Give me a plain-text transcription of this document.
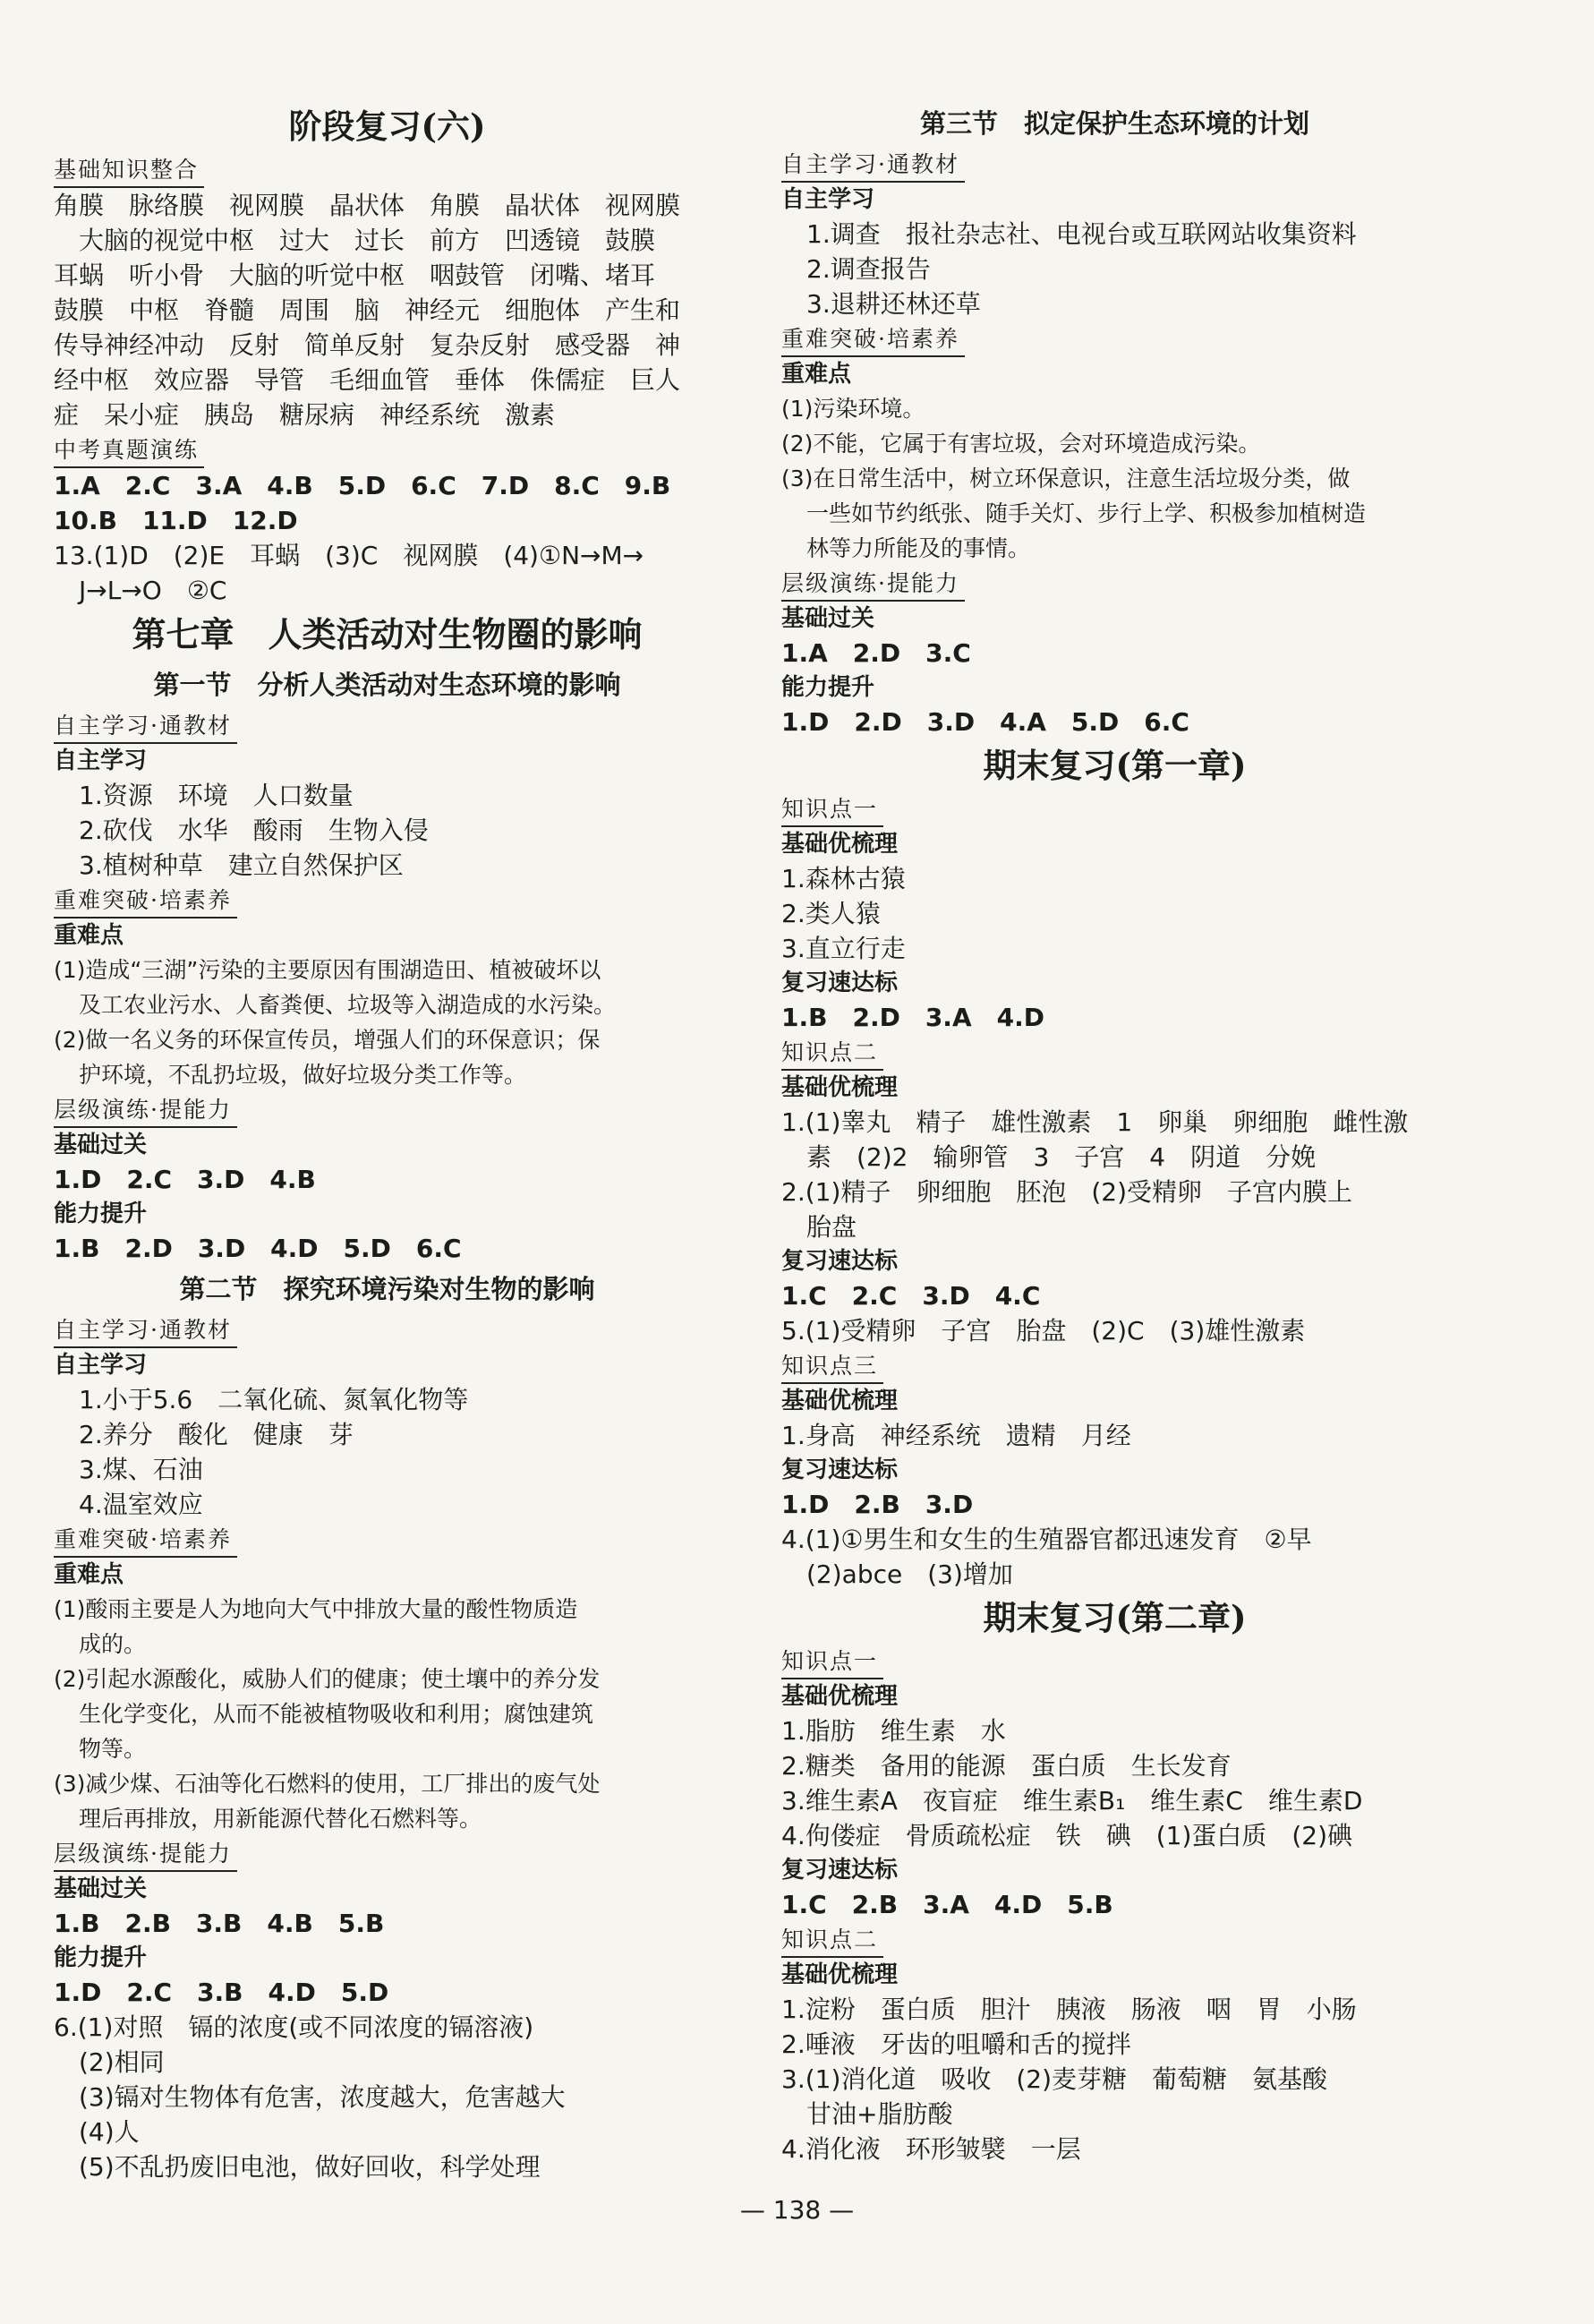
阶段复习(六)
基础知识整合
角膜　脉络膜　视网膜　晶状体　角膜　晶状体　视网膜
　大脑的视觉中枢　过大　过长　前方　凹透镜　鼓膜
耳蜗　听小骨　大脑的听觉中枢　咽鼓管　闭嘴、堵耳
鼓膜　中枢　脊髓　周围　脑　神经元　细胞体　产生和
传导神经冲动　反射　简单反射　复杂反射　感受器　神
经中枢　效应器　导管　毛细血管　垂体　侏儒症　巨人
症　呆小症　胰岛　糖尿病　神经系统　激素
中考真题演练
1.A　2.C　3.A　4.B　5.D　6.C　7.D　8.C　9.B
10.B　11.D　12.D
13.(1)D　(2)E　耳蜗　(3)C　视网膜　(4)①N→M→
　J→L→O　②C
第七章　人类活动对生物圈的影响
第一节　分析人类活动对生态环境的影响
自主学习·通教材
自主学习
1.资源　环境　人口数量
2.砍伐　水华　酸雨　生物入侵
3.植树种草　建立自然保护区
重难突破·培素养
重难点
(1)造成“三湖”污染的主要原因有围湖造田、植被破坏以
及工农业污水、人畜粪便、垃圾等入湖造成的水污染。
(2)做一名义务的环保宣传员，增强人们的环保意识；保
护环境，不乱扔垃圾，做好垃圾分类工作等。
层级演练·提能力
基础过关
1.D　2.C　3.D　4.B
能力提升
1.B　2.D　3.D　4.D　5.D　6.C
第二节　探究环境污染对生物的影响
自主学习·通教材
自主学习
1.小于5.6　二氧化硫、氮氧化物等
2.养分　酸化　健康　芽
3.煤、石油
4.温室效应
重难突破·培素养
重难点
(1)酸雨主要是人为地向大气中排放大量的酸性物质造
成的。
(2)引起水源酸化，威胁人们的健康；使土壤中的养分发
生化学变化，从而不能被植物吸收和利用；腐蚀建筑
物等。
(3)减少煤、石油等化石燃料的使用，工厂排出的废气处
理后再排放，用新能源代替化石燃料等。
层级演练·提能力
基础过关
1.B　2.B　3.B　4.B　5.B
能力提升
1.D　2.C　3.B　4.D　5.D
6.(1)对照　镉的浓度(或不同浓度的镉溶液)
(2)相同
(3)镉对生物体有危害，浓度越大，危害越大
(4)人
(5)不乱扔废旧电池，做好回收，科学处理
第三节　拟定保护生态环境的计划
自主学习·通教材
自主学习
1.调查　报社杂志社、电视台或互联网站收集资料
2.调查报告
3.退耕还林还草
重难突破·培素养
重难点
(1)污染环境。
(2)不能，它属于有害垃圾，会对环境造成污染。
(3)在日常生活中，树立环保意识，注意生活垃圾分类，做
一些如节约纸张、随手关灯、步行上学、积极参加植树造
林等力所能及的事情。
层级演练·提能力
基础过关
1.A　2.D　3.C
能力提升
1.D　2.D　3.D　4.A　5.D　6.C
期末复习(第一章)
知识点一
基础优梳理
1.森林古猿
2.类人猿
3.直立行走
复习速达标
1.B　2.D　3.A　4.D
知识点二
基础优梳理
1.(1)睾丸　精子　雄性激素　1　卵巢　卵细胞　雌性激
　素　(2)2　输卵管　3　子宫　4　阴道　分娩
2.(1)精子　卵细胞　胚泡　(2)受精卵　子宫内膜上
　胎盘
复习速达标
1.C　2.C　3.D　4.C
5.(1)受精卵　子宫　胎盘　(2)C　(3)雄性激素
知识点三
基础优梳理
1.身高　神经系统　遗精　月经
复习速达标
1.D　2.B　3.D
4.(1)①男生和女生的生殖器官都迅速发育　②早
　(2)abce　(3)增加
期末复习(第二章)
知识点一
基础优梳理
1.脂肪　维生素　水
2.糖类　备用的能源　蛋白质　生长发育
3.维生素A　夜盲症　维生素B₁　维生素C　维生素D
4.佝偻症　骨质疏松症　铁　碘　(1)蛋白质　(2)碘
复习速达标
1.C　2.B　3.A　4.D　5.B
知识点二
基础优梳理
1.淀粉　蛋白质　胆汁　胰液　肠液　咽　胃　小肠
2.唾液　牙齿的咀嚼和舌的搅拌
3.(1)消化道　吸收　(2)麦芽糖　葡萄糖　氨基酸
　甘油+脂肪酸
4.消化液　环形皱襞　一层
— 138 —
